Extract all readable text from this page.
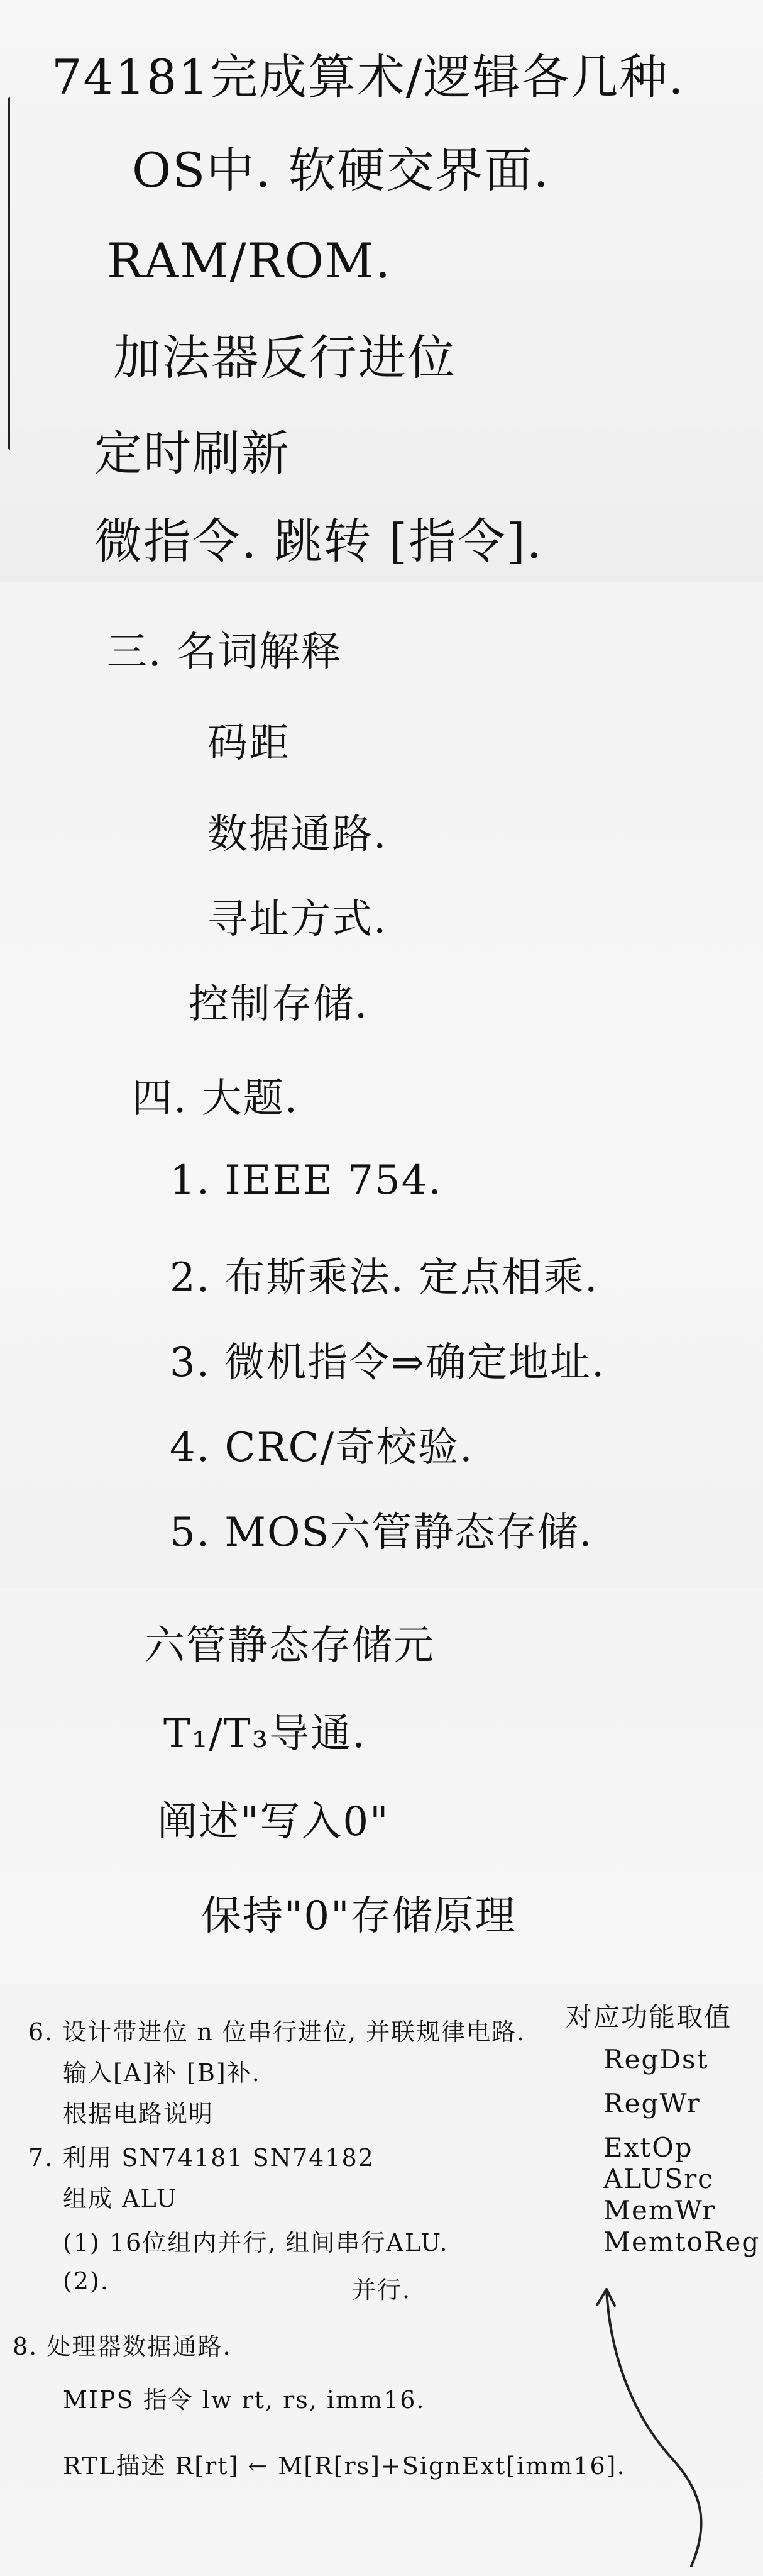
74181完成算术/逻辑各几种.
OS中. 软硬交界面.
RAM/ROM.
加法器反行进位
定时刷新
微指令. 跳转 [指令].
三. 名词解释
码距
数据通路.
寻址方式.
控制存储.
四. 大题.
1. IEEE 754.
2. 布斯乘法. 定点相乘.
3. 微机指令⇒确定地址.
4. CRC/奇校验.
5. MOS六管静态存储.
六管静态存储元
T₁/T₃导通.
阐述"写入0"
保持"0"存储原理
6. 设计带进位 n 位串行进位, 并联规律电路.
输入[A]补 [B]补.
根据电路说明
7. 利用 SN74181 SN74182
组成 ALU
(1) 16位组内并行, 组间串行ALU.
(2).	并行.
8. 处理器数据通路.
MIPS 指令 lw rt, rs, imm16.
RTL描述 R[rt] ← M[R[rs]+SignExt[imm16].
对应功能取值
RegDst
RegWr
ExtOp
ALUSrc
MemWr
MemtoReg
